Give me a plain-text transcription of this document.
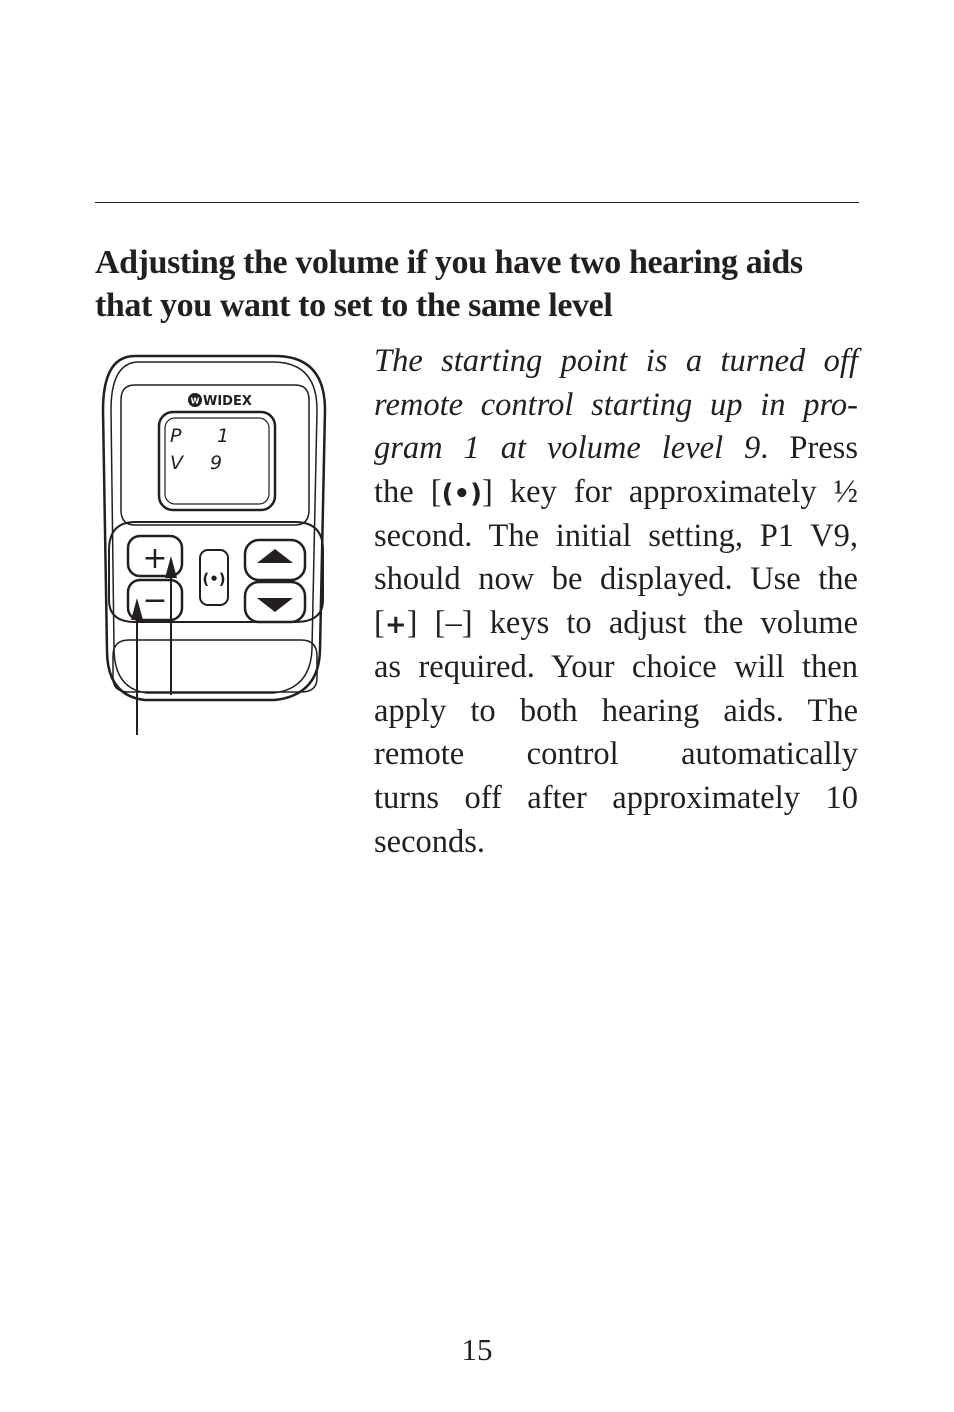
Adjusting the volume if you have two hearing aids
that you want to set to the same level
W WIDEX
P 1
V 9
+
−
(•)
The starting point is a turned off
remote control starting up in pro-
gram 1 at volume level 9. Press
the [(•)] key for approximately ½
second. The initial setting, P1 V9,
should now be displayed. Use the
[+] [–] keys to adjust the volume
as required. Your choice will then
apply to both hearing aids. The
remote control automatically
turns off after approximately 10
seconds.
15
